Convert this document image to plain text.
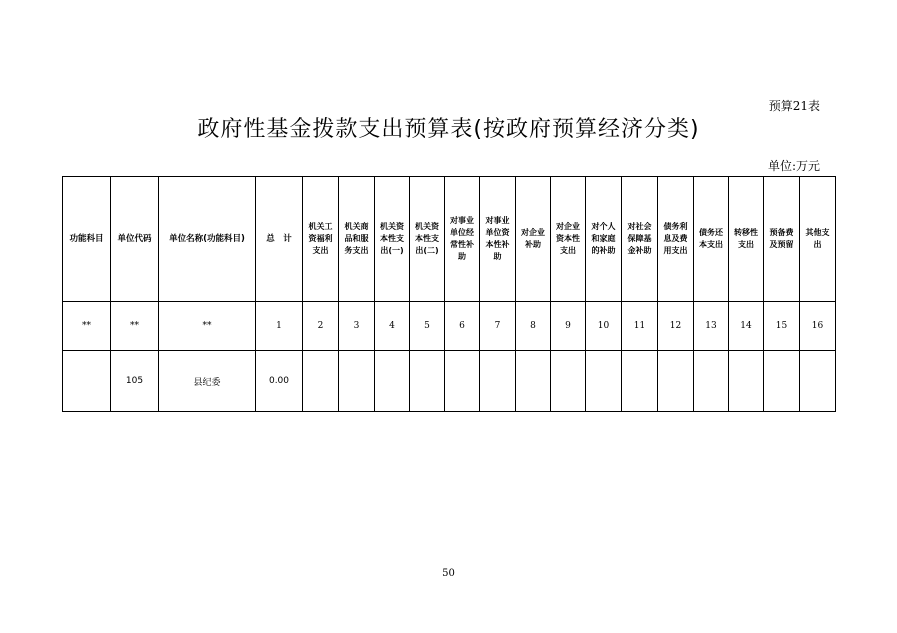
预算21表
政府性基金拨款支出预算表(按政府预算经济分类)
单位:万元
功能科目	单位代码	单位名称(功能科目)	总　计	机关工资福利支出	机关商品和服务支出	机关资本性支出(一)	机关资本性支出(二)	对事业单位经常性补助	对事业单位资本性补助	对企业补助	对企业资本性支出	对个人和家庭的补助	对社会保障基金补助	债务利息及费用支出	债务还本支出	转移性支出	预备费及预留	其他支出
**	**	**	1	2	3	4	5	6	7	8	9	10	11	12	13	14	15	16
	105	县纪委	0.00															
50
